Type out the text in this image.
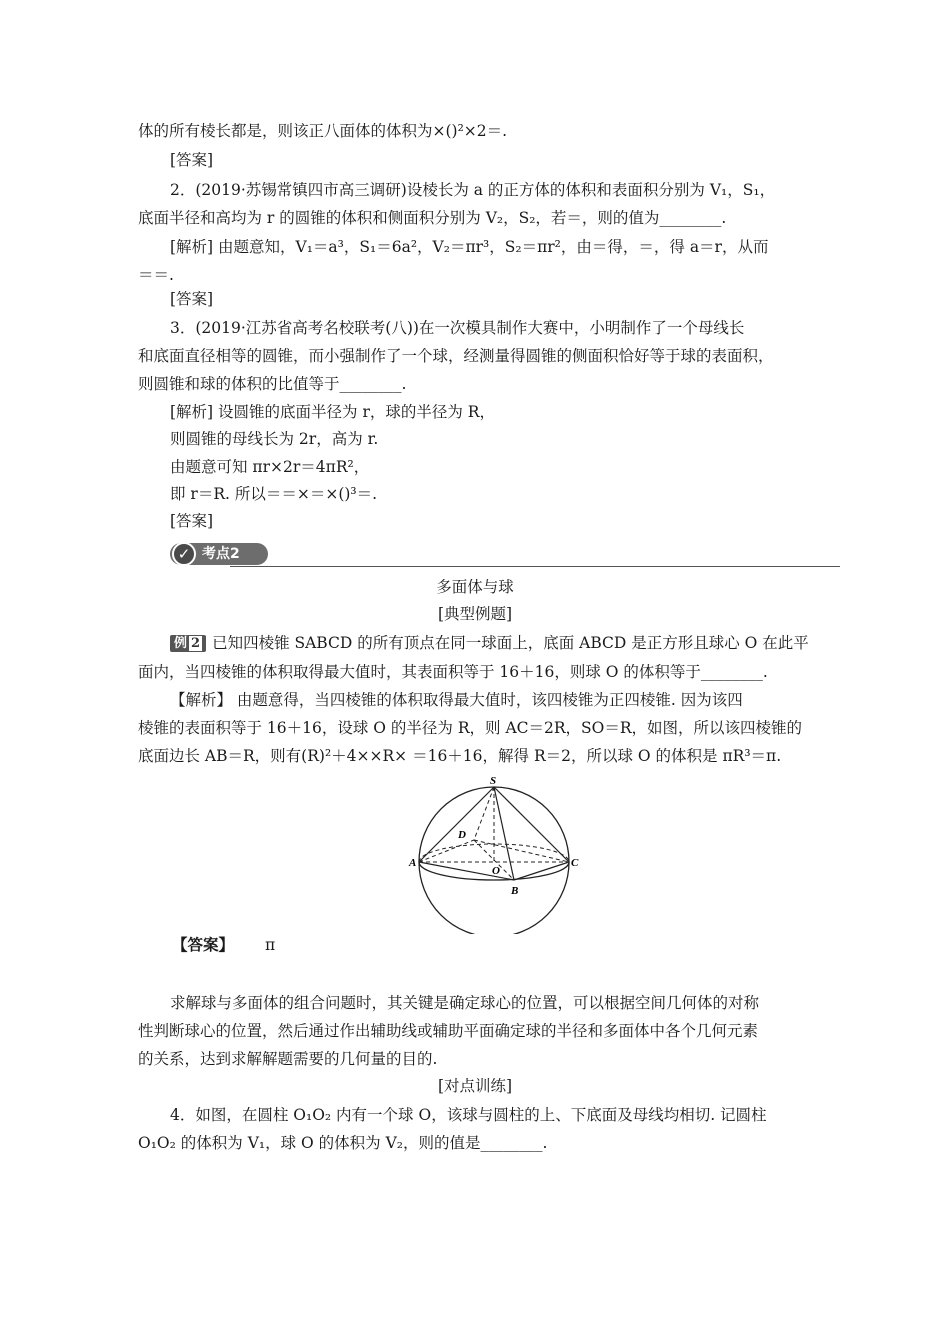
体的所有棱长都是，则该正八面体的体积为×()²×2＝.
[答案]
2．(2019·苏锡常镇四市高三调研)设棱长为 a 的正方体的体积和表面积分别为 V₁，S₁，
底面半径和高均为 r 的圆锥的体积和侧面积分别为 V₂，S₂，若＝，则的值为________.
[解析] 由题意知，V₁＝a³，S₁＝6a²，V₂＝πr³，S₂＝πr²，由＝得，＝，得 a＝r，从而
＝＝.
[答案]
3．(2019·江苏省高考名校联考(八))在一次模具制作大赛中，小明制作了一个母线长
和底面直径相等的圆锥，而小强制作了一个球，经测量得圆锥的侧面积恰好等于球的表面积，
则圆锥和球的体积的比值等于________.
[解析] 设圆锥的底面半径为 r，球的半径为 R，
则圆锥的母线长为 2r，高为 r.
由题意可知 πr×2r＝4πR²，
即 r＝R. 所以＝＝×＝×()³＝.
[答案]
✓ 考点2
多面体与球
[典型例题]
例 2 已知四棱锥 SABCD 的所有顶点在同一球面上，底面 ABCD 是正方形且球心 O 在此平
面内，当四棱锥的体积取得最大值时，其表面积等于 16＋16，则球 O 的体积等于________.
【解析】 由题意得，当四棱锥的体积取得最大值时，该四棱锥为正四棱锥. 因为该四
棱锥的表面积等于 16＋16，设球 O 的半径为 R，则 AC＝2R，SO＝R，如图，所以该四棱锥的
底面边长 AB＝R，则有(R)²＋4××R× ＝16＋16，解得 R＝2，所以球 O 的体积是 πR³＝π.
S
D
A
O
C
B
【答案】 π
求解球与多面体的组合问题时，其关键是确定球心的位置，可以根据空间几何体的对称
性判断球心的位置，然后通过作出辅助线或辅助平面确定球的半径和多面体中各个几何元素
的关系，达到求解解题需要的几何量的目的.
[对点训练]
4．如图，在圆柱 O₁O₂ 内有一个球 O，该球与圆柱的上、下底面及母线均相切. 记圆柱
O₁O₂ 的体积为 V₁，球 O 的体积为 V₂，则的值是________.
